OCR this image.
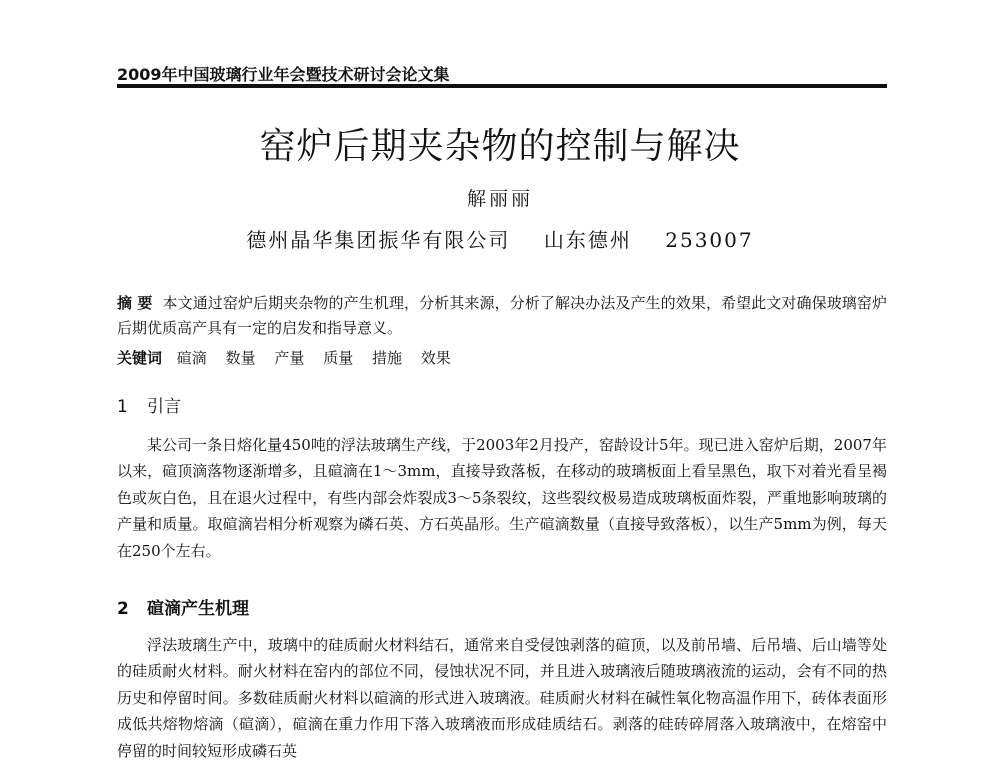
2009年中国玻璃行业年会暨技术研讨会论文集
窑炉后期夹杂物的控制与解决
解丽丽
德州晶华集团振华有限公司    山东德州    253007
摘 要 本文通过窑炉后期夹杂物的产生机理，分析其来源，分析了解决办法及产生的效果，希望此文对确保玻璃窑炉后期优质高产具有一定的启发和指导意义。
关键词 碹滴 数量 产量 质量 措施 效果
1 引言
某公司一条日熔化量450吨的浮法玻璃生产线，于2003年2月投产，窑龄设计5年。现已进入窑炉后期，2007年以来，碹顶滴落物逐渐增多，且碹滴在1～3mm，直接导致落板，在移动的玻璃板面上看呈黑色，取下对着光看呈褐色或灰白色，且在退火过程中，有些内部会炸裂成3～5条裂纹，这些裂纹极易造成玻璃板面炸裂，严重地影响玻璃的产量和质量。取碹滴岩相分析观察为磷石英、方石英晶形。生产碹滴数量（直接导致落板），以生产5mm为例，每天在250个左右。
2 碹滴产生机理
浮法玻璃生产中，玻璃中的硅质耐火材料结石，通常来自受侵蚀剥落的碹顶，以及前吊墙、后吊墙、后山墙等处的硅质耐火材料。耐火材料在窑内的部位不同，侵蚀状况不同，并且进入玻璃液后随玻璃液流的运动，会有不同的热历史和停留时间。多数硅质耐火材料以碹滴的形式进入玻璃液。硅质耐火材料在碱性氧化物高温作用下，砖体表面形成低共熔物熔滴（碹滴），碹滴在重力作用下落入玻璃液而形成硅质结石。剥落的硅砖碎屑落入玻璃液中，在熔窑中停留的时间较短形成磷石英
